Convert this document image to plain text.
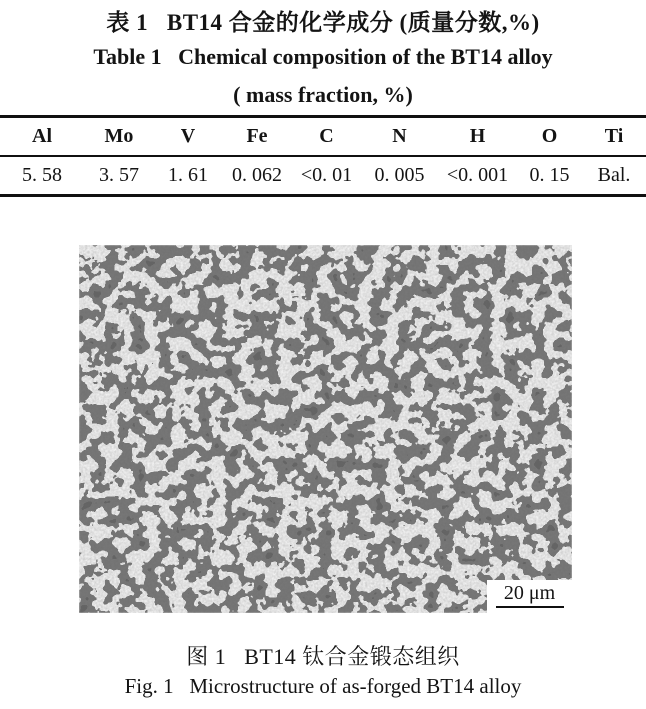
表 1   BT14 合金的化学成分 (质量分数,%)
Table 1   Chemical composition of the BT14 alloy
( mass fraction, %)
Al	Mo	V	Fe	C	N	H	O	Ti
5. 58	3. 57	1. 61	0. 062	<0. 01	0. 005	<0. 001	0. 15	Bal.
20 μm
图 1   BT14 钛合金锻态组织
Fig. 1   Microstructure of as-forged BT14 alloy
